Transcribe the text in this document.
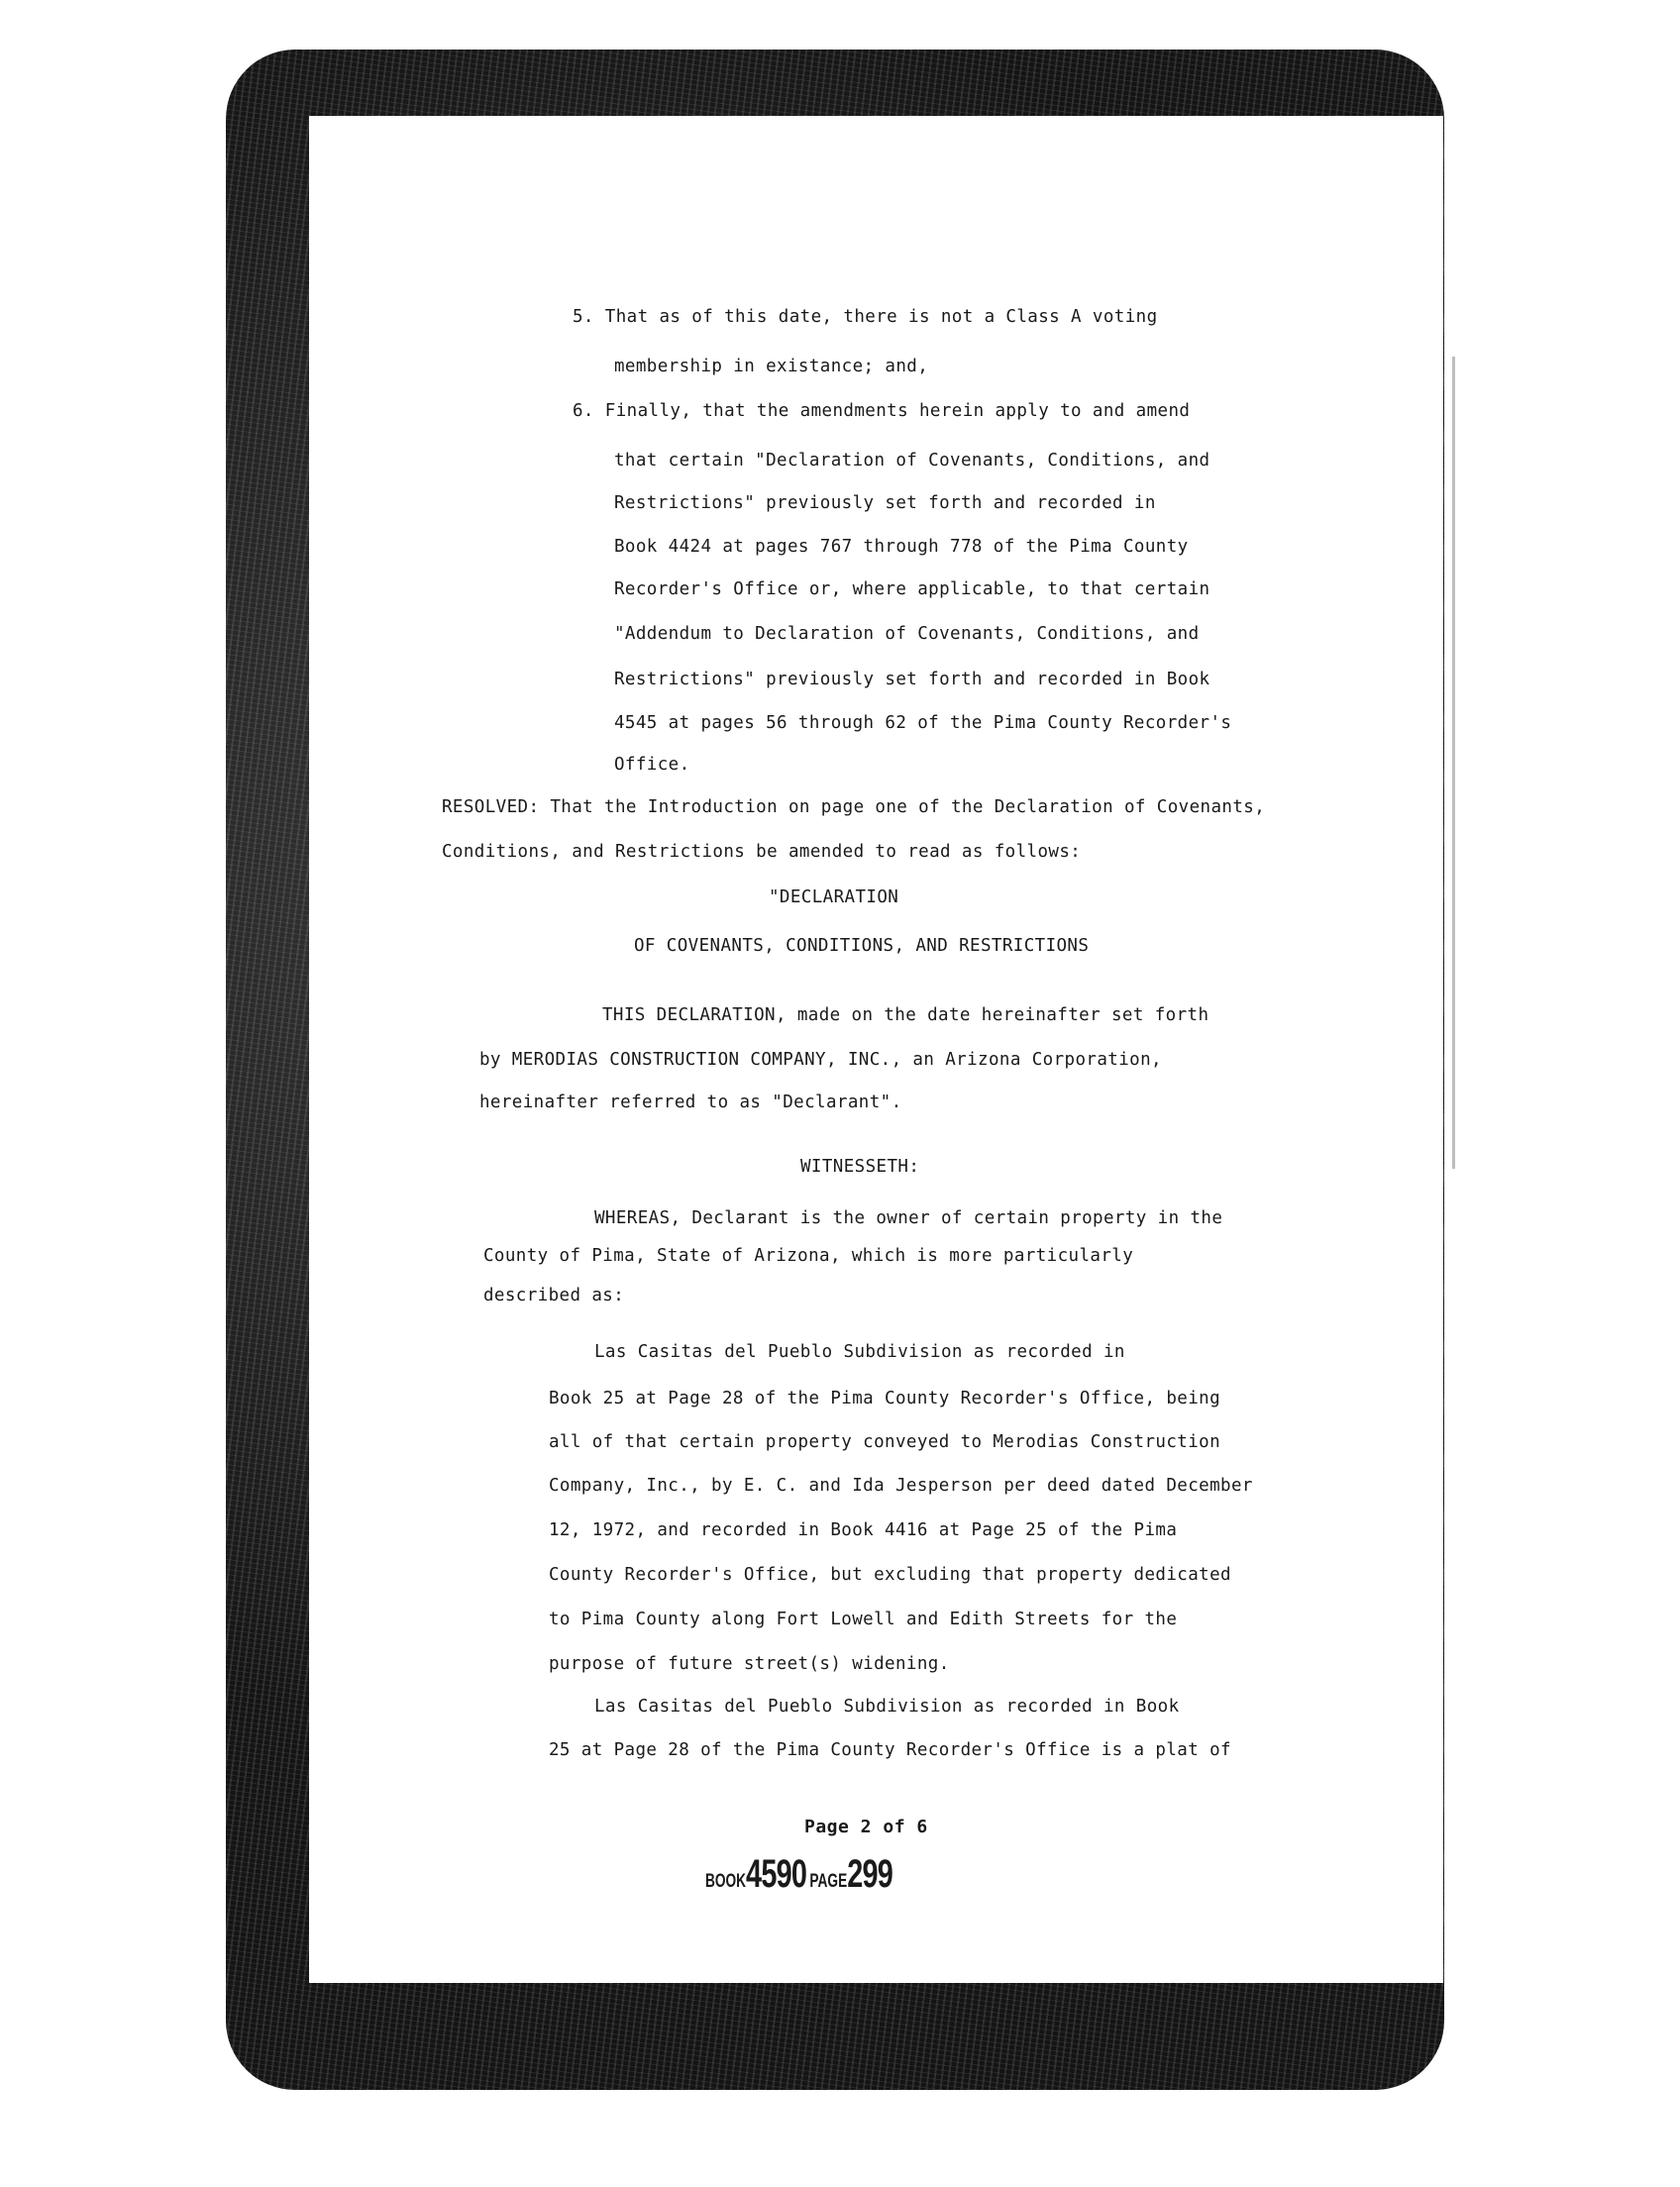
5. That as of this date, there is not a Class A voting
membership in existance; and,
6. Finally, that the amendments herein apply to and amend
that certain "Declaration of Covenants, Conditions, and
Restrictions" previously set forth and recorded in
Book 4424 at pages 767 through 778 of the Pima County
Recorder's Office or, where applicable, to that certain
"Addendum to Declaration of Covenants, Conditions, and
Restrictions" previously set forth and recorded in Book
4545 at pages 56 through 62 of the Pima County Recorder's
Office.
RESOLVED: That the Introduction on page one of the Declaration of Covenants,
Conditions, and Restrictions be amended to read as follows:
"DECLARATION
OF COVENANTS, CONDITIONS, AND RESTRICTIONS
THIS DECLARATION, made on the date hereinafter set forth
by MERODIAS CONSTRUCTION COMPANY, INC., an Arizona Corporation,
hereinafter referred to as "Declarant".
WITNESSETH:
WHEREAS, Declarant is the owner of certain property in the
County of Pima, State of Arizona, which is more particularly
described as:
Las Casitas del Pueblo Subdivision as recorded in
Book 25 at Page 28 of the Pima County Recorder's Office, being
all of that certain property conveyed to Merodias Construction
Company, Inc., by E. C. and Ida Jesperson per deed dated December
12, 1972, and recorded in Book 4416 at Page 25 of the Pima
County Recorder's Office, but excluding that property dedicated
to Pima County along Fort Lowell and Edith Streets for the
purpose of future street(s) widening.
Las Casitas del Pueblo Subdivision as recorded in Book
25 at Page 28 of the Pima County Recorder's Office is a plat of
Page 2 of 6
BOOK4590 PAGE299
